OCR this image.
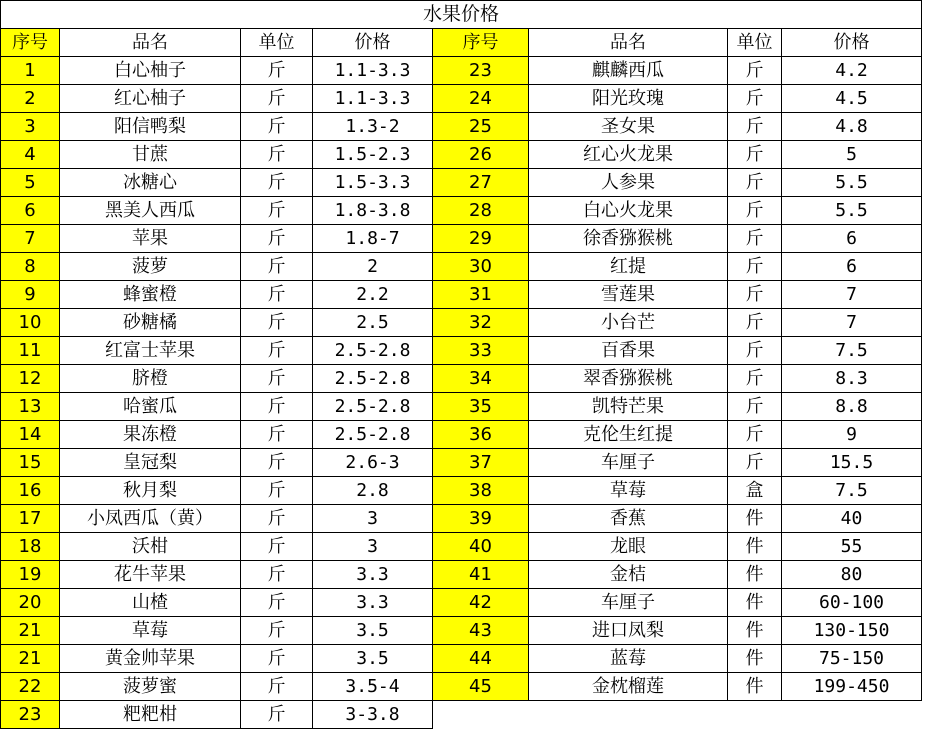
水果价格							
序号	品名	单位	价格	序号	品名	单位	价格
1	白心柚子	斤	1.1-3.3	23	麒麟西瓜	斤	4.2
2	红心柚子	斤	1.1-3.3	24	阳光玫瑰	斤	4.5
3	阳信鸭梨	斤	1.3-2	25	圣女果	斤	4.8
4	甘蔗	斤	1.5-2.3	26	红心火龙果	斤	5
5	冰糖心	斤	1.5-3.3	27	人参果	斤	5.5
6	黑美人西瓜	斤	1.8-3.8	28	白心火龙果	斤	5.5
7	苹果	斤	1.8-7	29	徐香猕猴桃	斤	6
8	菠萝	斤	2	30	红提	斤	6
9	蜂蜜橙	斤	2.2	31	雪莲果	斤	7
10	砂糖橘	斤	2.5	32	小台芒	斤	7
11	红富士苹果	斤	2.5-2.8	33	百香果	斤	7.5
12	脐橙	斤	2.5-2.8	34	翠香猕猴桃	斤	8.3
13	哈蜜瓜	斤	2.5-2.8	35	凯特芒果	斤	8.8
14	果冻橙	斤	2.5-2.8	36	克伦生红提	斤	9
15	皇冠梨	斤	2.6-3	37	车厘子	斤	15.5
16	秋月梨	斤	2.8	38	草莓	盒	7.5
17	小凤西瓜（黄）	斤	3	39	香蕉	件	40
18	沃柑	斤	3	40	龙眼	件	55
19	花牛苹果	斤	3.3	41	金桔	件	80
20	山楂	斤	3.3	42	车厘子	件	60-100
21	草莓	斤	3.5	43	进口凤梨	件	130-150
21	黄金帅苹果	斤	3.5	44	蓝莓	件	75-150
22	菠萝蜜	斤	3.5-4	45	金枕榴莲	件	199-450
23	粑粑柑	斤	3-3.8				
